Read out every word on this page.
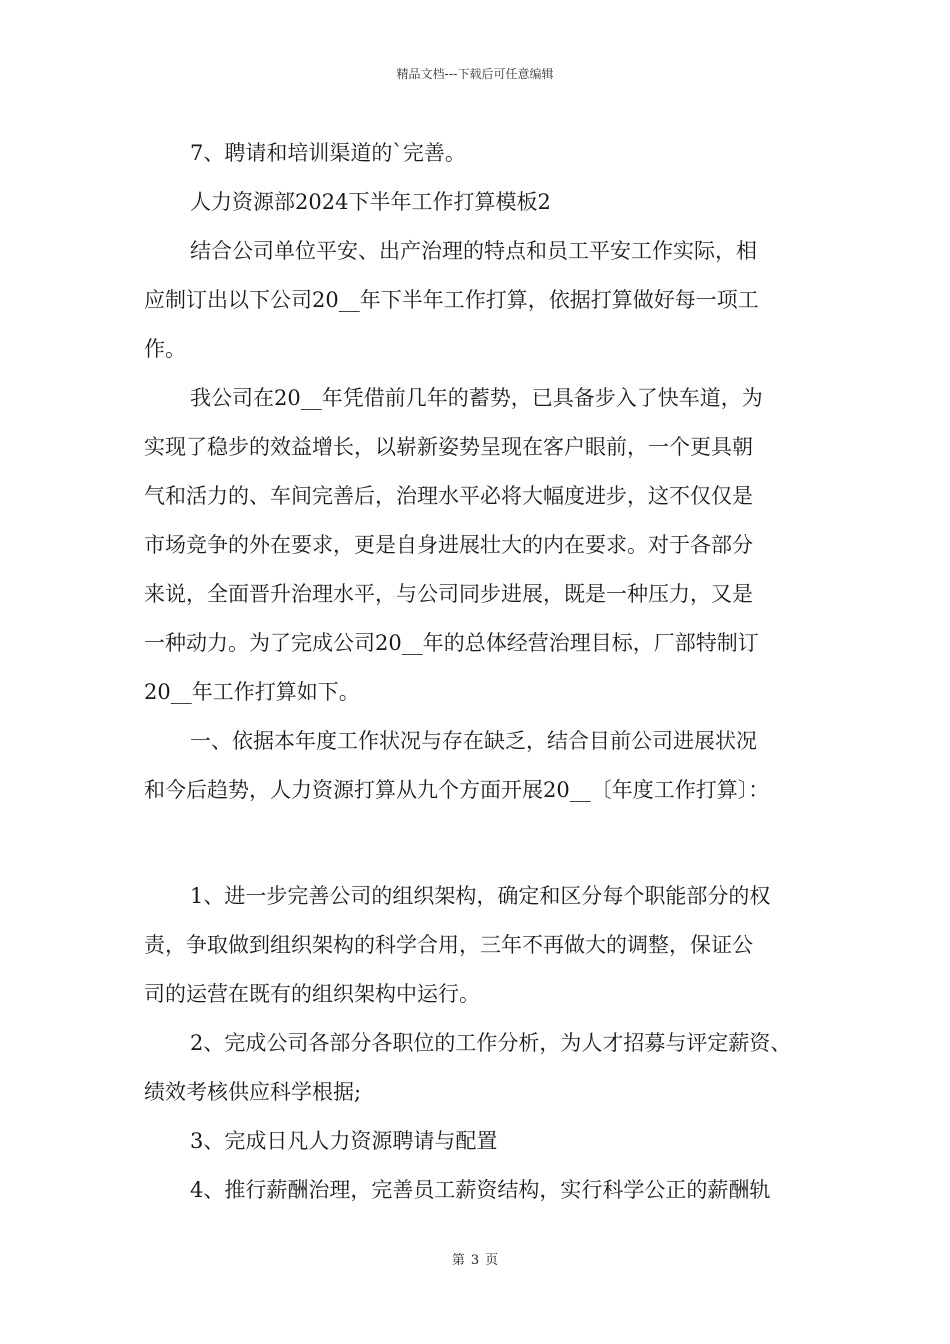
精品文档---下载后可任意编辑
7、聘请和培训渠道的`完善。
人力资源部2024下半年工作打算模板2
结合公司单位平安、出产治理的特点和员工平安工作实际，相
应制订出以下公司20__年下半年工作打算，依据打算做好每一项工
作。
我公司在20__年凭借前几年的蓄势，已具备步入了快车道，为
实现了稳步的效益增长，以崭新姿势呈现在客户眼前，一个更具朝
气和活力的、车间完善后，治理水平必将大幅度进步，这不仅仅是
市场竞争的外在要求，更是自身进展壮大的内在要求。对于各部分
来说，全面晋升治理水平，与公司同步进展，既是一种压力，又是
一种动力。为了完成公司20__年的总体经营治理目标，厂部特制订
20__年工作打算如下。
一、依据本年度工作状况与存在缺乏，结合目前公司进展状况
和今后趋势，人力资源打算从九个方面开展20__〔年度工作打算〕：
1、进一步完善公司的组织架构，确定和区分每个职能部分的权
责，争取做到组织架构的科学合用，三年不再做大的调整，保证公
司的运营在既有的组织架构中运行。
2、完成公司各部分各职位的工作分析，为人才招募与评定薪资、
绩效考核供应科学根据;
3、完成日凡人力资源聘请与配置
4、推行薪酬治理，完善员工薪资结构，实行科学公正的薪酬轨
第 3 页
